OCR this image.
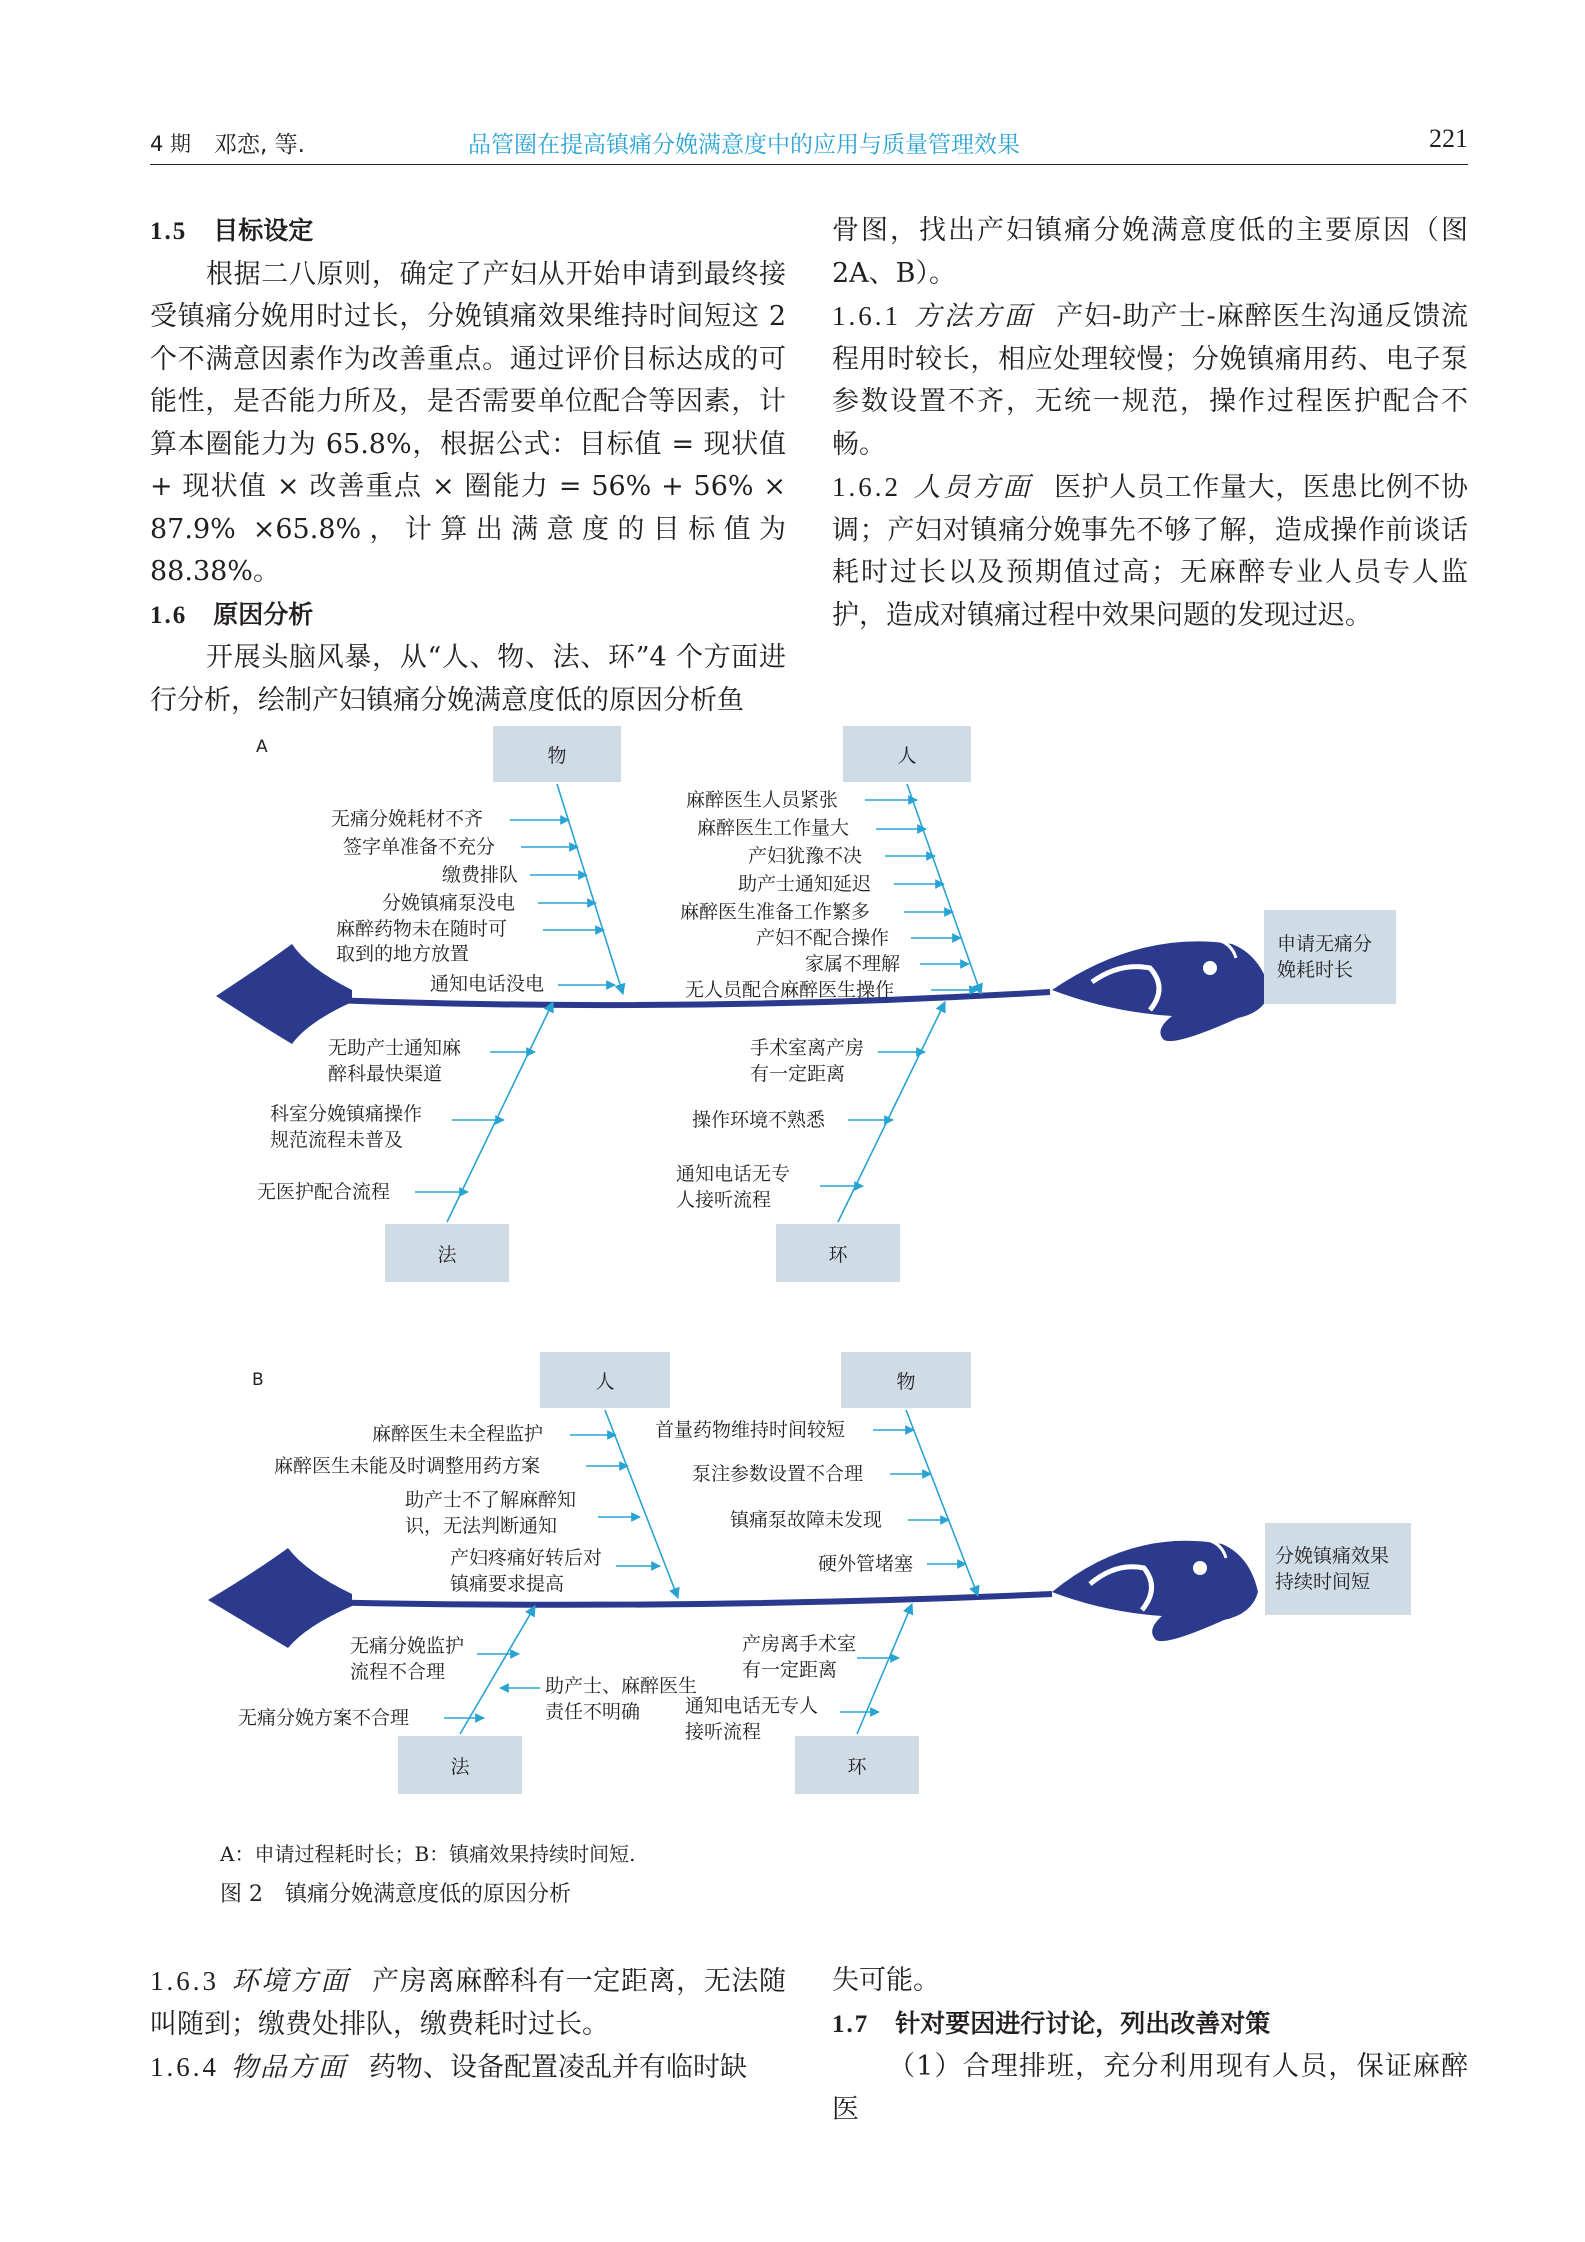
4 期 邓恋, 等.	品管圈在提高镇痛分娩满意度中的应用与质量管理效果	221

1.5 目标设定

根据二八原则，确定了产妇从开始申请到最终接受镇痛分娩用时过长，分娩镇痛效果维持时间短这 2 个不满意因素作为改善重点。通过评价目标达成的可能性，是否能力所及，是否需要单位配合等因素，计算本圈能力为 65.8%，根据公式：目标值 = 现状值 + 现状值 × 改善重点 × 圈能力 = 56% + 56% × 87.9% ×65.8%，计算出满意度的目标值为 88.38%。

1.6 原因分析

开展头脑风暴，从“人、物、法、环”4 个方面进行分析，绘制产妇镇痛分娩满意度低的原因分析鱼

骨图，找出产妇镇痛分娩满意度低的主要原因（图 2A、B）。

1.6.1 方法方面 产妇-助产士-麻醉医生沟通反馈流程用时较长，相应处理较慢；分娩镇痛用药、电子泵参数设置不齐，无统一规范，操作过程医护配合不畅。

1.6.2 人员方面 医护人员工作量大，医患比例不协调；产妇对镇痛分娩事先不够了解，造成操作前谈话耗时过长以及预期值过高；无麻醉专业人员专人监护，造成对镇痛过程中效果问题的发现过迟。

A	物	人
法	环
申请无痛分
娩耗时长
无痛分娩耗材不齐
签字单准备不充分
缴费排队
分娩镇痛泵没电
麻醉药物未在随时可
取到的地方放置
通知电话没电
麻醉医生人员紧张
麻醉医生工作量大
产妇犹豫不决
助产士通知延迟
麻醉医生准备工作繁多
产妇不配合操作
家属不理解
无人员配合麻醉医生操作
无助产士通知麻
醉科最快渠道
科室分娩镇痛操作
规范流程未普及
无医护配合流程
手术室离产房
有一定距离
操作环境不熟悉
通知电话无专
人接听流程
B	人	物
法	环
分娩镇痛效果
持续时间短
麻醉医生未全程监护
麻醉医生未能及时调整用药方案
助产士不了解麻醉知
识，无法判断通知
产妇疼痛好转后对
镇痛要求提高
首量药物维持时间较短
泵注参数设置不合理
镇痛泵故障未发现
硬外管堵塞
无痛分娩监护
流程不合理
助产士、麻醉医生
责任不明确
无痛分娩方案不合理
产房离手术室
有一定距离
通知电话无专人
接听流程
A：申请过程耗时长；B：镇痛效果持续时间短.
图 2　镇痛分娩满意度低的原因分析

1.6.3 环境方面 产房离麻醉科有一定距离，无法随叫随到；缴费处排队，缴费耗时过长。

1.6.4 物品方面 药物、设备配置凌乱并有临时缺

失可能。

1.7 针对要因进行讨论，列出改善对策

（1）合理排班，充分利用现有人员，保证麻醉医
